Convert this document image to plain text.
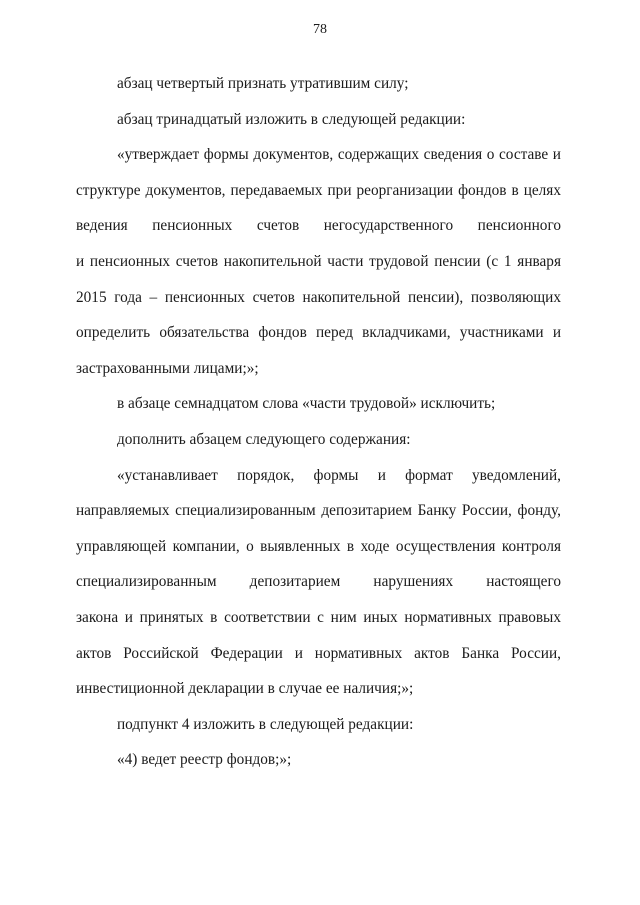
78
абзац четвертый признать утратившим силу;
абзац тринадцатый изложить в следующей редакции:
«утверждает формы документов, содержащих сведения о составе и
структуре документов, передаваемых при реорганизации фондов в целях
ведения пенсионных счетов негосударственного пенсионного
и пенсионных счетов накопительной части трудовой пенсии (с 1 января
2015 года – пенсионных счетов накопительной пенсии), позволяющих
определить обязательства фондов перед вкладчиками, участниками и
застрахованными лицами;»;
в абзаце семнадцатом слова «части трудовой» исключить;
дополнить абзацем следующего содержания:
«устанавливает порядок, формы и формат уведомлений,
направляемых специализированным депозитарием Банку России, фонду,
управляющей компании, о выявленных в ходе осуществления контроля
специализированным депозитарием нарушениях настоящего
закона и принятых в соответствии с ним иных нормативных правовых
актов Российской Федерации и нормативных актов Банка России,
инвестиционной декларации в случае ее наличия;»;
подпункт 4 изложить в следующей редакции:
«4) ведет реестр фондов;»;
